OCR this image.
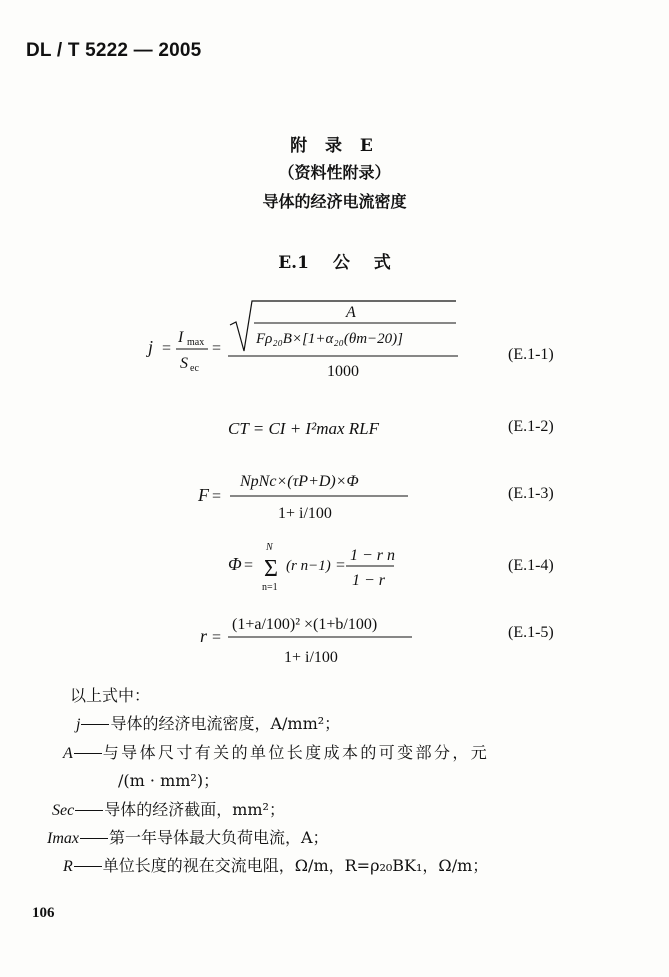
DL / T 5222 — 2005
附 录 E
（资料性附录）
导体的经济电流密度
E.1 公 式
j =
I max
S ec
=
A
Fρ₂₀B×[1+α₂₀(θm−20)]
1000
(E.1-1)
CT = CI + I²max RLF	(E.1-2)
F =
NpNc×(τP+D)×Φ
1+ i/100
(E.1-3)
Φ = Σ
N
n=1
(r n−1) =
1 − r n
1 − r
(E.1-4)
r =
(1+a/100)² ×(1+b/100)
1+ i/100
(E.1-5)
以上式中：
j 导体的经济电流密度，A/mm²；
A 与导体尺寸有关的单位长度成本的可变部分，元
/(m · mm²)；
Sec 导体的经济截面，mm²；
Imax 第一年导体最大负荷电流，A；
R 单位长度的视在交流电阻，Ω/m，R=ρ₂₀BK₁，Ω/m；
106
